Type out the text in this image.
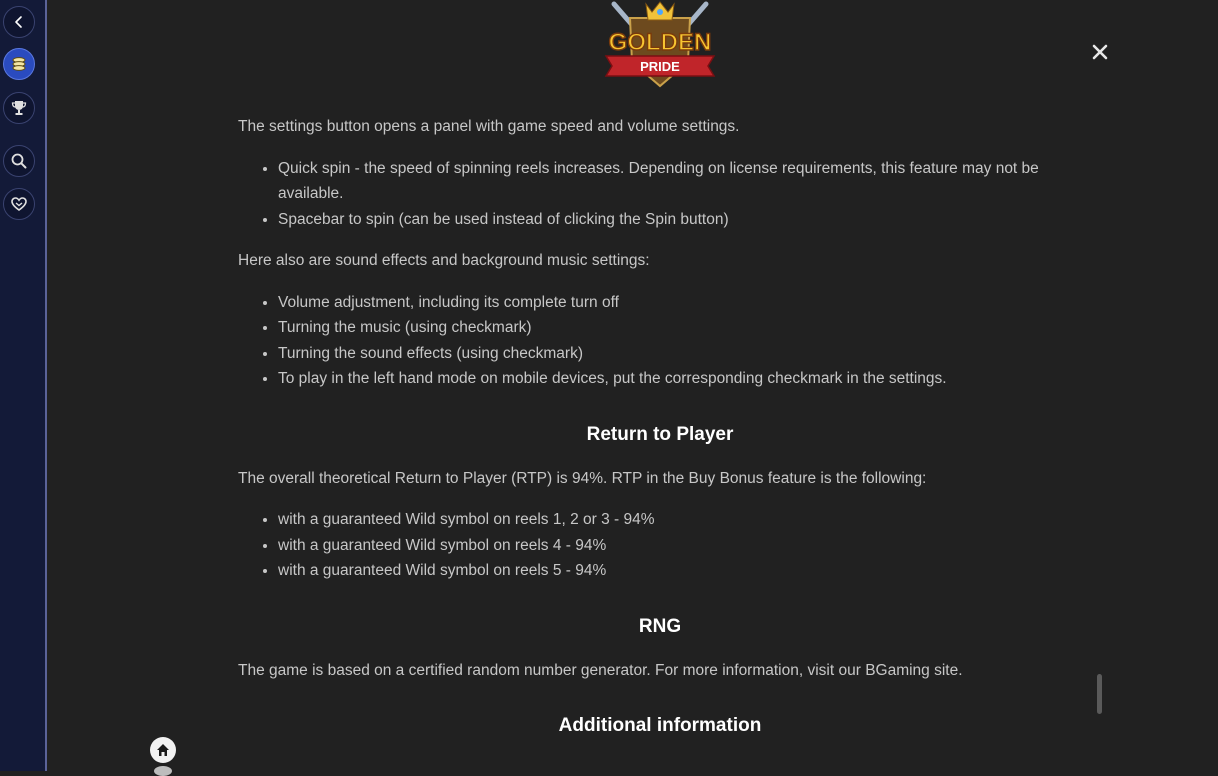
GOLDEN
PRIDE

The settings button opens a panel with game speed and volume settings.

• Quick spin - the speed of spinning reels increases. Depending on license requirements, this feature may not be available.
• Spacebar to spin (can be used instead of clicking the Spin button)

Here also are sound effects and background music settings:

• Volume adjustment, including its complete turn off
• Turning the music (using checkmark)
• Turning the sound effects (using checkmark)
• To play in the left hand mode on mobile devices, put the corresponding checkmark in the settings.
Return to Player

The overall theoretical Return to Player (RTP) is 94%. RTP in the Buy Bonus feature is the following:

• with a guaranteed Wild symbol on reels 1, 2 or 3 - 94%
• with a guaranteed Wild symbol on reels 4 - 94%
• with a guaranteed Wild symbol on reels 5 - 94%
RNG

The game is based on a certified random number generator. For more information, visit our BGaming site.

Additional information
